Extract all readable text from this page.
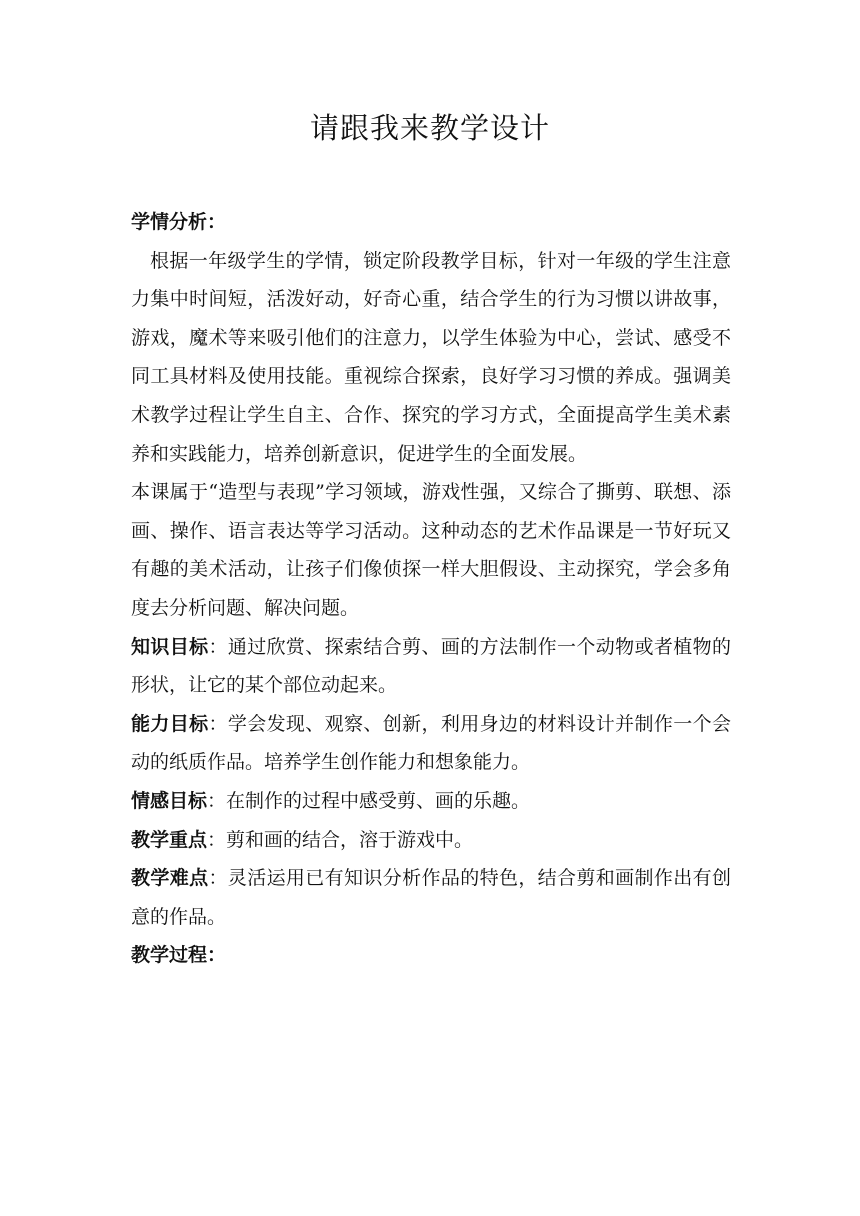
请跟我来教学设计

学情分析：

根据一年级学生的学情，锁定阶段教学目标，针对一年级的学生注意力集中时间短，活泼好动，好奇心重，结合学生的行为习惯以讲故事，游戏，魔术等来吸引他们的注意力，以学生体验为中心，尝试、感受不同工具材料及使用技能。重视综合探索，良好学习习惯的养成。强调美术教学过程让学生自主、合作、探究的学习方式，全面提高学生美术素养和实践能力，培养创新意识，促进学生的全面发展。

本课属于“造型与表现”学习领域，游戏性强，又综合了撕剪、联想、添画、操作、语言表达等学习活动。这种动态的艺术作品课是一节好玩又有趣的美术活动，让孩子们像侦探一样大胆假设、主动探究，学会多角度去分析问题、解决问题。

知识目标：通过欣赏、探索结合剪、画的方法制作一个动物或者植物的形状，让它的某个部位动起来。

能力目标：学会发现、观察、创新，利用身边的材料设计并制作一个会动的纸质作品。培养学生创作能力和想象能力。

情感目标：在制作的过程中感受剪、画的乐趣。

教学重点：剪和画的结合，溶于游戏中。

教学难点：灵活运用已有知识分析作品的特色，结合剪和画制作出有创意的作品。

教学过程：
